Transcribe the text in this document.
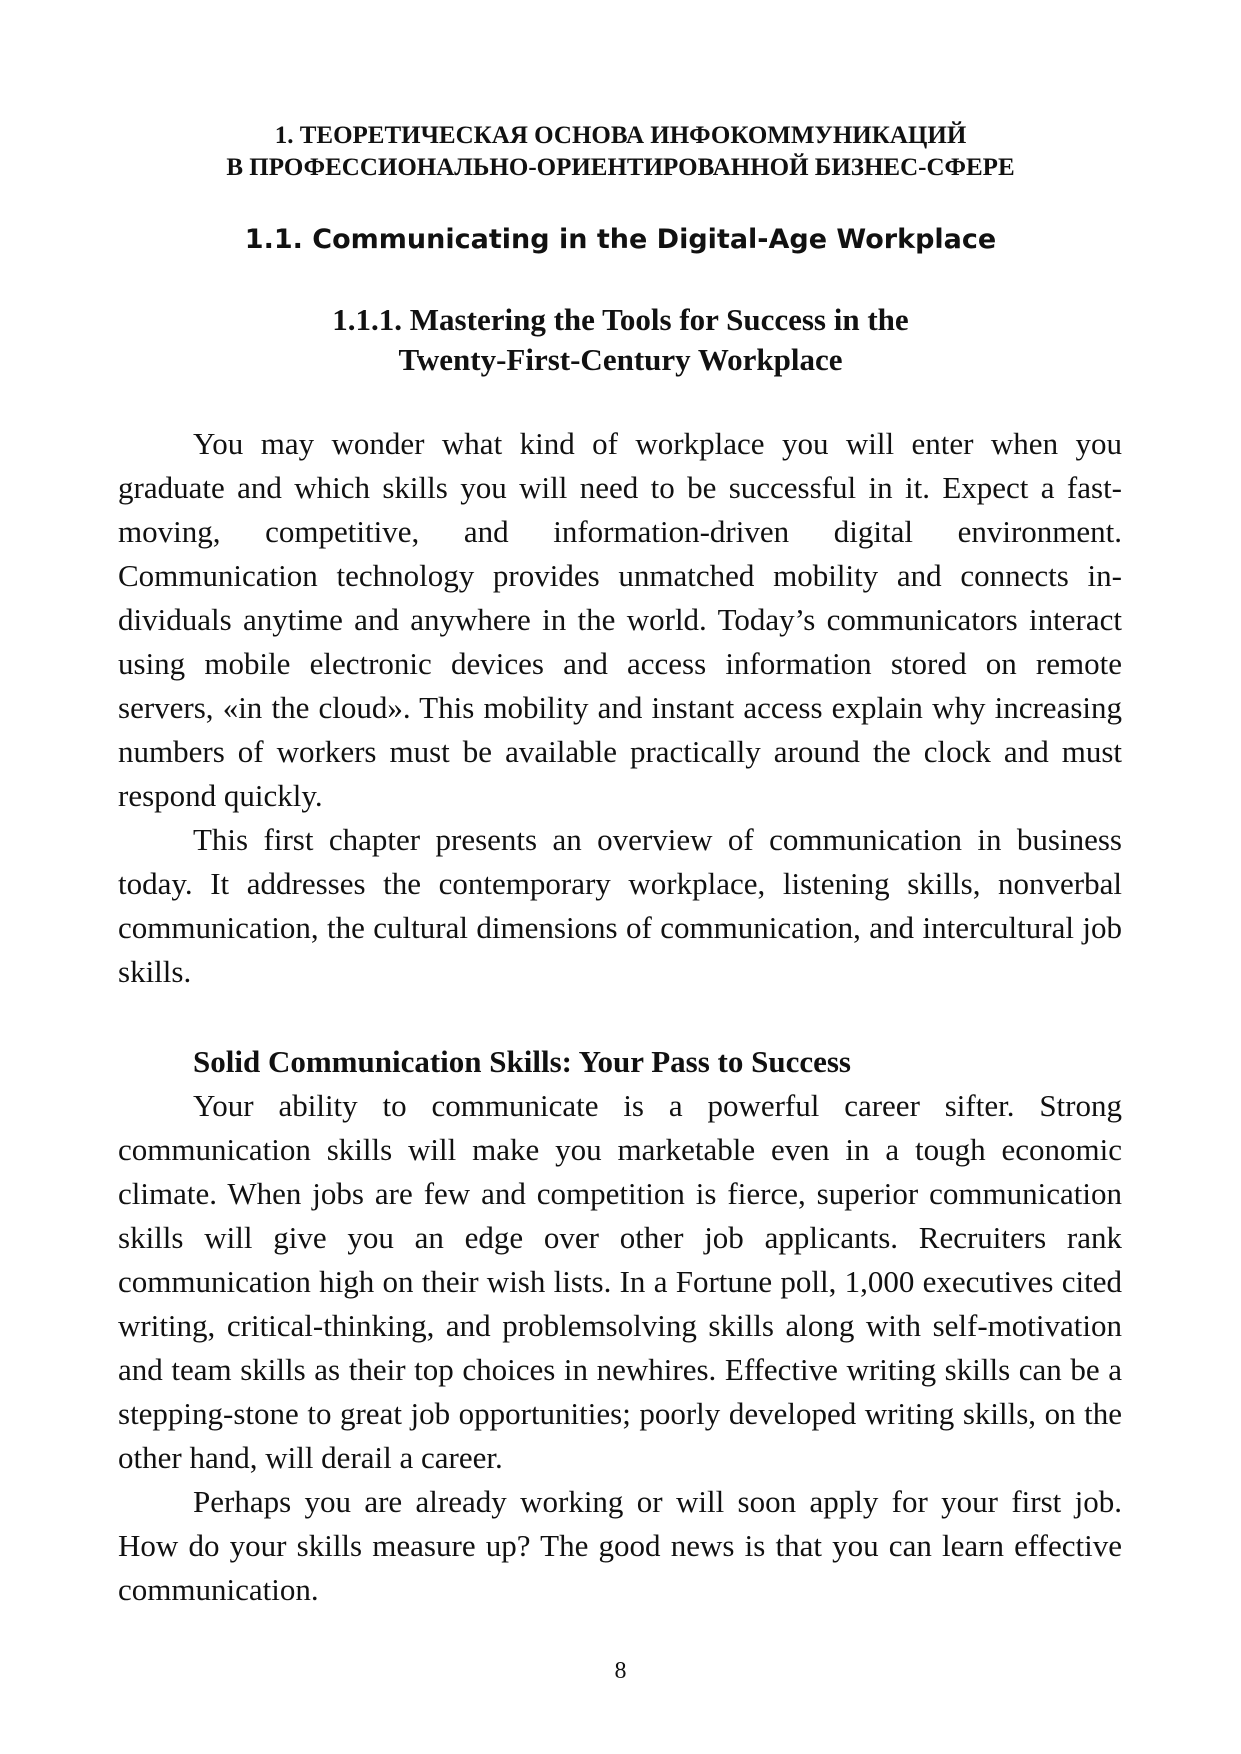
1. ТЕОРЕТИЧЕСКАЯ ОСНОВА ИНФОКОММУНИКАЦИЙ
В ПРОФЕССИОНАЛЬНО-ОРИЕНТИРОВАННОЙ БИЗНЕС-СФЕРЕ
1.1. Communicating in the Digital-Age Workplace
1.1.1. Mastering the Tools for Success in the
Twenty-First-Century Workplace

You may wonder what kind of workplace you will enter when you graduate and which skills you will need to be successful in it. Expect a fast-moving, competitive, and information-driven digital environment. Communication technology provides unmatched mobility and connects individuals anytime and anywhere in the world. Today’s communicators interact using mobile electronic devices and access information stored on remote servers, «in the cloud». This mobility and instant access explain why increasing numbers of workers must be available practically around the clock and must respond quickly.

This first chapter presents an overview of communication in business today. It addresses the contemporary workplace, listening skills, nonverbal communication, the cultural dimensions of communication, and intercultural job skills.

Solid Communication Skills: Your Pass to Success

Your ability to communicate is a powerful career sifter. Strong communication skills will make you marketable even in a tough economic climate. When jobs are few and competition is fierce, superior communication skills will give you an edge over other job applicants. Recruiters rank communication high on their wish lists. In a Fortune poll, 1,000 executives cited writing, critical-thinking, and problemsolving skills along with self-motivation and team skills as their top choices in newhires. Effective writing skills can be a stepping-stone to great job opportunities; poorly developed writing skills, on the other hand, will derail a career.

Perhaps you are already working or will soon apply for your first job. How do your skills measure up? The good news is that you can learn effective communication.

8
